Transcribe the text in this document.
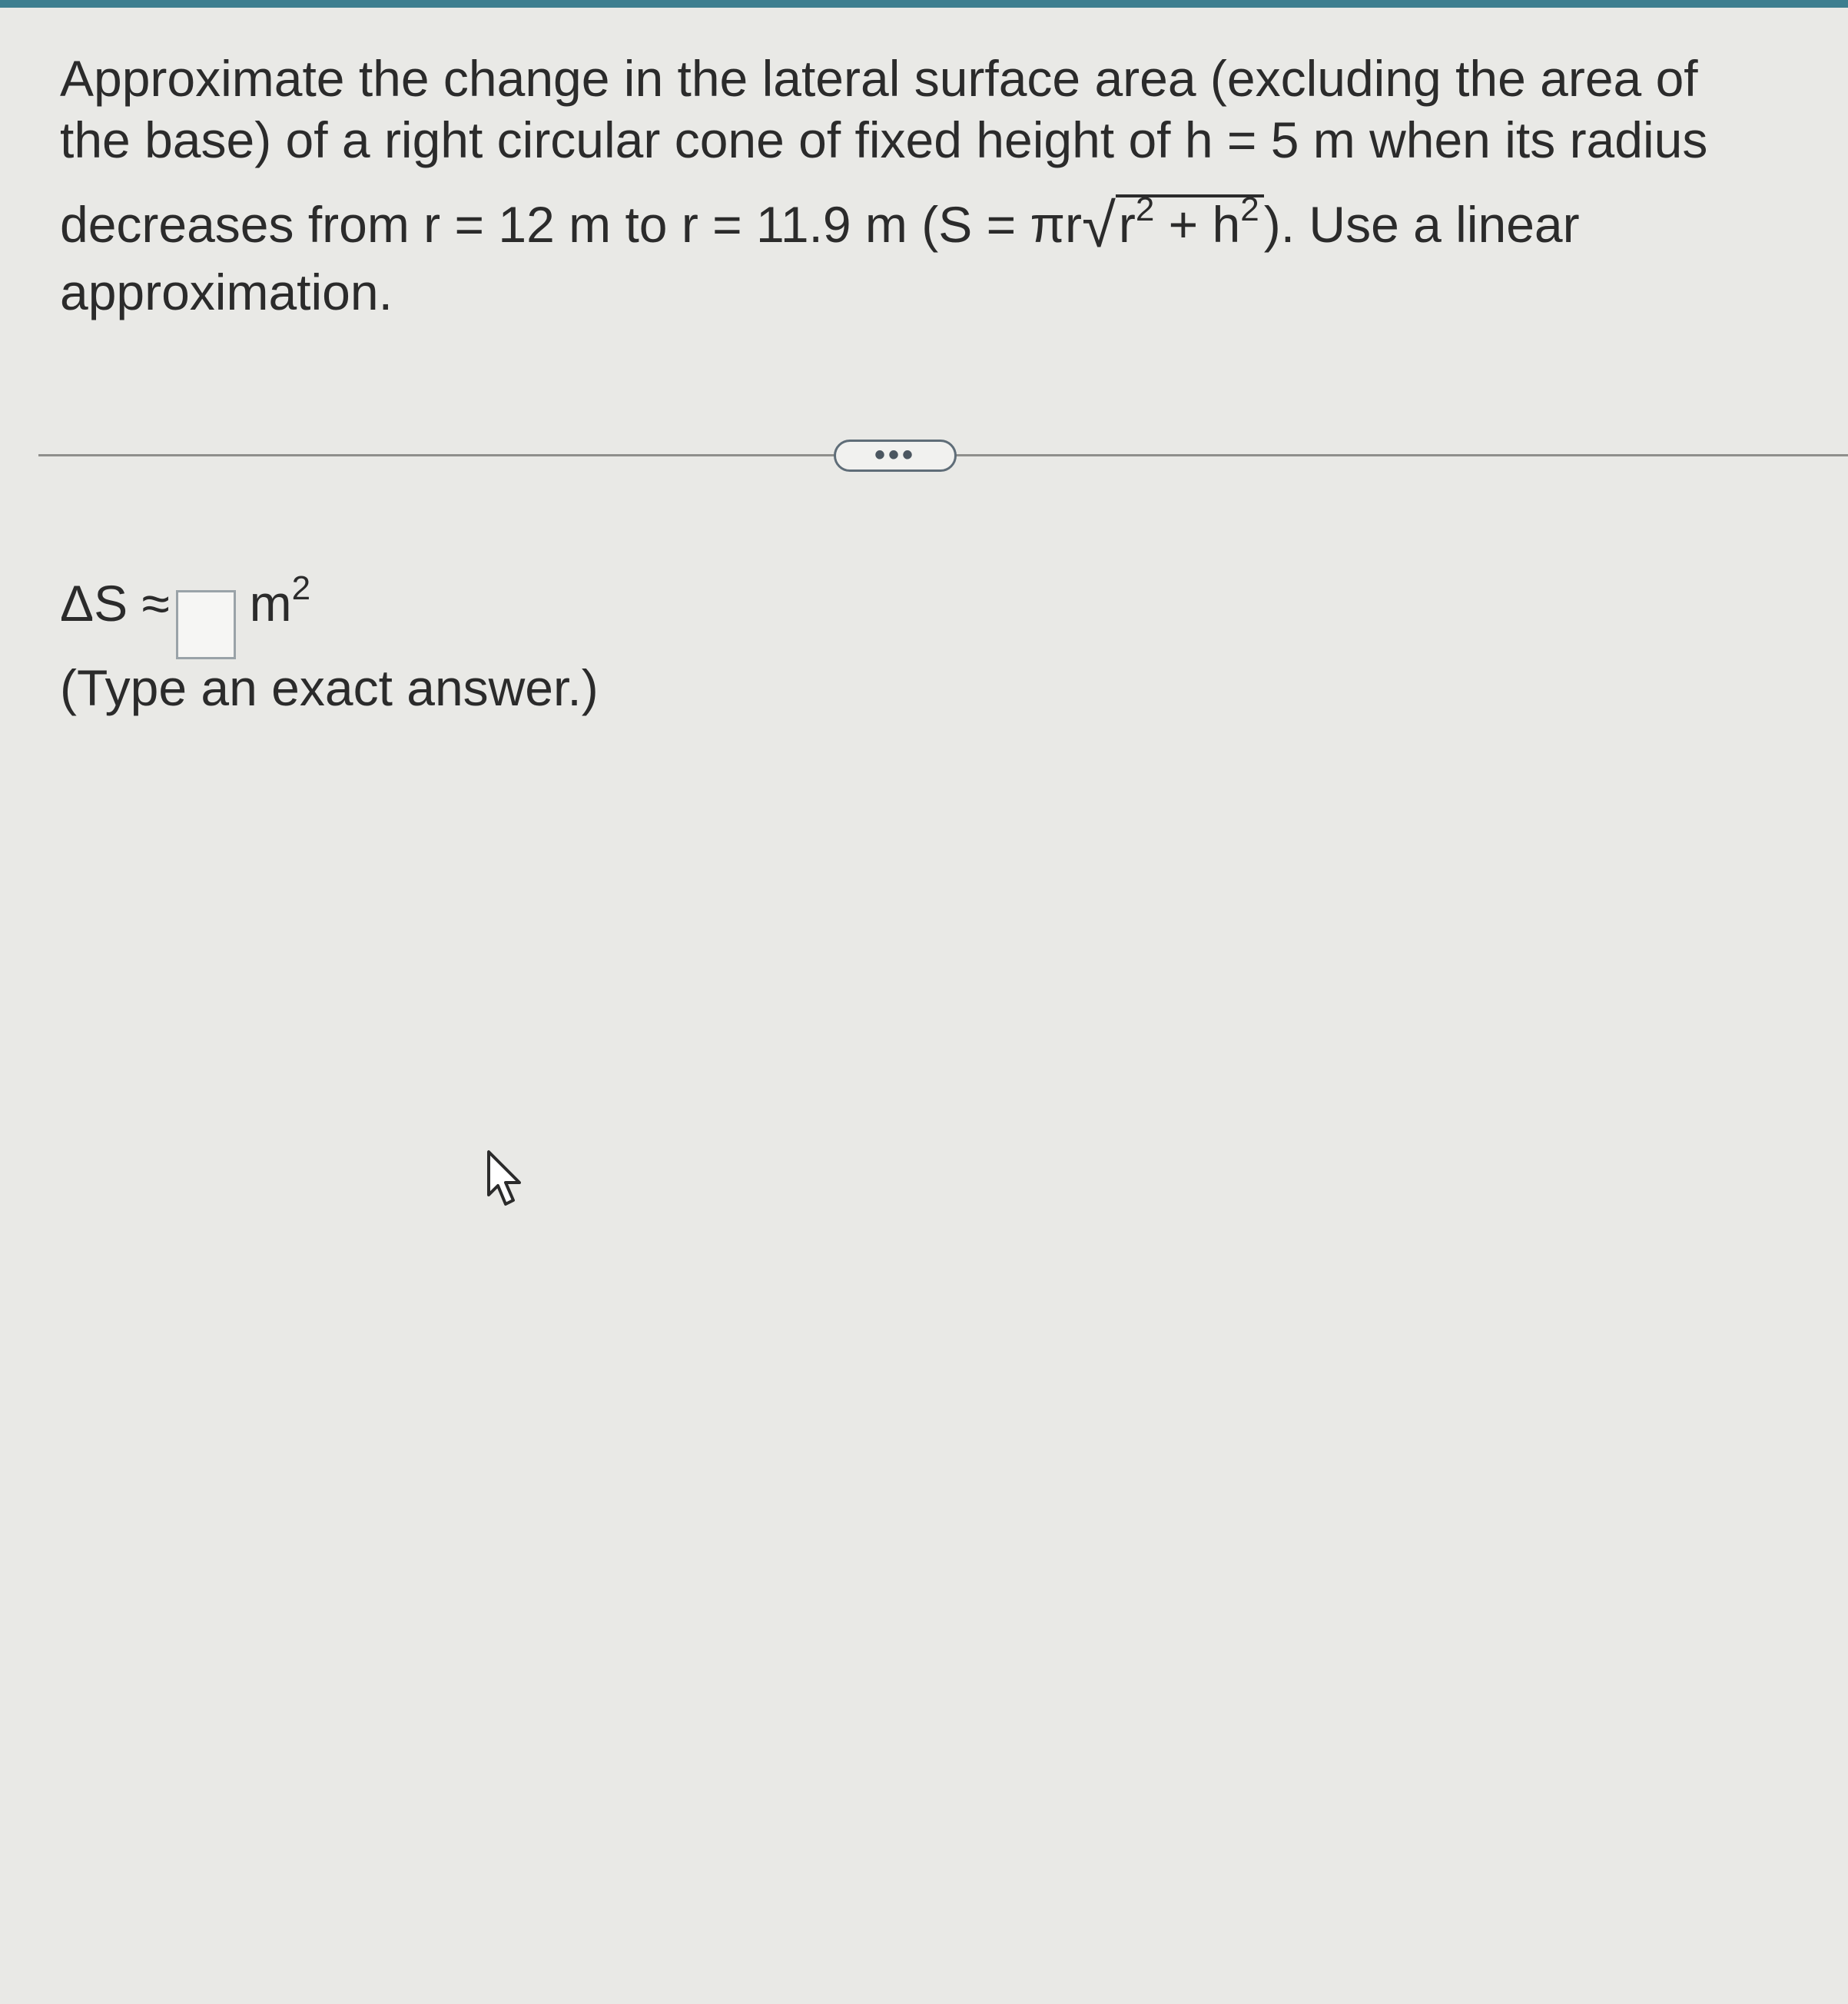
Approximate the change in the lateral surface area (excluding the area of
the base) of a right circular cone of fixed height of h = 5 m when its radius
decreases from r = 12 m to r = 11.9 m $(S = \pi r√r^2 + h^2)$. Use a linear
approximation.
•••
$\Delta S \approx m^2$
(Type an exact answer.)
